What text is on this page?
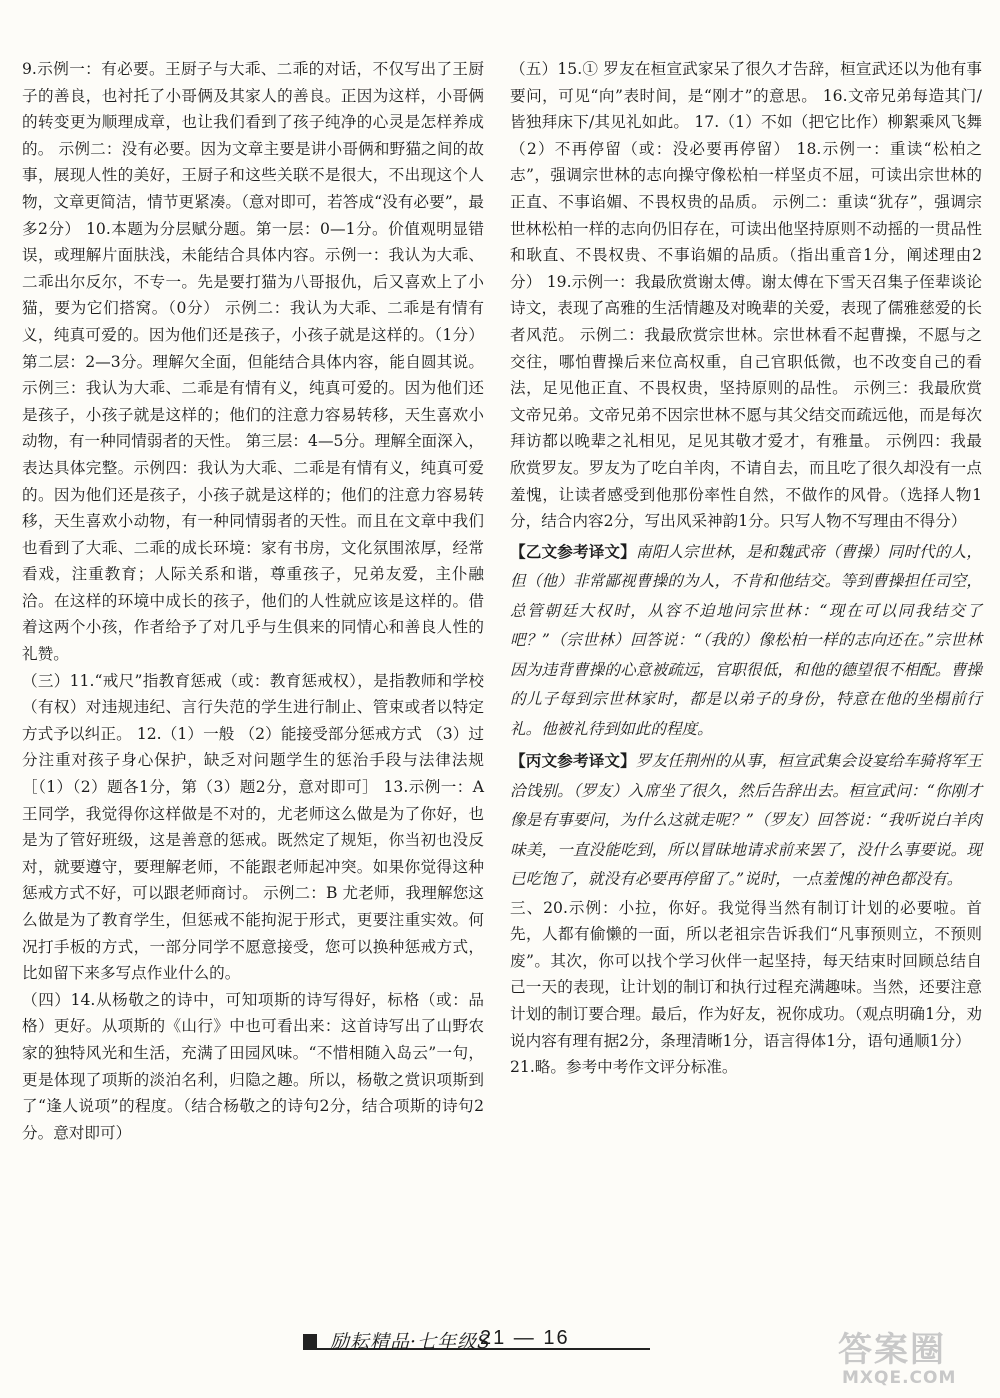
9.示例一：有必要。王厨子与大乖、二乖的对话，不仅写出了王厨子的善良，也衬托了小哥俩及其家人的善良。正因为这样，小哥俩的转变更为顺理成章，也让我们看到了孩子纯净的心灵是怎样养成的。 示例二：没有必要。因为文章主要是讲小哥俩和野猫之间的故事，展现人性的美好，王厨子和这些关联不是很大，不出现这个人物，文章更简洁，情节更紧凑。（意对即可，若答成“没有必要”，最多2分） 10.本题为分层赋分题。第一层：0—1分。价值观明显错误，或理解片面肤浅，未能结合具体内容。示例一：我认为大乖、二乖出尔反尔，不专一。先是要打猫为八哥报仇，后又喜欢上了小猫，要为它们搭窝。（0分） 示例二：我认为大乖、二乖是有情有义，纯真可爱的。因为他们还是孩子，小孩子就是这样的。（1分） 第二层：2—3分。理解欠全面，但能结合具体内容，能自圆其说。示例三：我认为大乖、二乖是有情有义，纯真可爱的。因为他们还是孩子，小孩子就是这样的；他们的注意力容易转移，天生喜欢小动物，有一种同情弱者的天性。 第三层：4—5分。理解全面深入，表达具体完整。示例四：我认为大乖、二乖是有情有义，纯真可爱的。因为他们还是孩子，小孩子就是这样的；他们的注意力容易转移，天生喜欢小动物，有一种同情弱者的天性。而且在文章中我们也看到了大乖、二乖的成长环境：家有书房，文化氛围浓厚，经常看戏，注重教育；人际关系和谐，尊重孩子，兄弟友爱，主仆融洽。在这样的环境中成长的孩子，他们的人性就应该是这样的。借着这两个小孩，作者给予了对几乎与生俱来的同情心和善良人性的礼赞。

（三）11.“戒尺”指教育惩戒（或：教育惩戒权），是指教师和学校（有权）对违规违纪、言行失范的学生进行制止、管束或者以特定方式予以纠正。 12.（1）一般 （2）能接受部分惩戒方式 （3）过分注重对孩子身心保护，缺乏对问题学生的惩治手段与法律法规［（1）（2）题各1分，第（3）题2分，意对即可］ 13.示例一：A 王同学，我觉得你这样做是不对的，尤老师这么做是为了你好，也是为了管好班级，这是善意的惩戒。既然定了规矩，你当初也没反对，就要遵守，要理解老师，不能跟老师起冲突。如果你觉得这种惩戒方式不好，可以跟老师商讨。 示例二：B 尤老师，我理解您这么做是为了教育学生，但惩戒不能拘泥于形式，更要注重实效。何况打手板的方式，一部分同学不愿意接受，您可以换种惩戒方式，比如留下来多写点作业什么的。

（四）14.从杨敬之的诗中，可知项斯的诗写得好，标格（或：品格）更好。从项斯的《山行》中也可看出来：这首诗写出了山野农家的独特风光和生活，充满了田园风味。“不惜相随入岛云”一句，更是体现了项斯的淡泊名利，归隐之趣。所以，杨敬之赏识项斯到了“逢人说项”的程度。（结合杨敬之的诗句2分，结合项斯的诗句2分。意对即可）

（五）15.① 罗友在桓宣武家呆了很久才告辞，桓宣武还以为他有事要问，可见“向”表时间，是“刚才”的意思。 16.文帝兄弟每造其门/皆独拜床下/其见礼如此。 17.（1）不如（把它比作）柳絮乘风飞舞 （2）不再停留（或：没必要再停留） 18.示例一：重读“松柏之志”，强调宗世林的志向操守像松柏一样坚贞不屈，可读出宗世林的正直、不事谄媚、不畏权贵的品质。 示例二：重读“犹存”，强调宗世林松柏一样的志向仍旧存在，可读出他坚持原则不动摇的一贯品性和耿直、不畏权贵、不事谄媚的品质。（指出重音1分，阐述理由2分） 19.示例一：我最欣赏谢太傅。谢太傅在下雪天召集子侄辈谈论诗文，表现了高雅的生活情趣及对晚辈的关爱，表现了儒雅慈爱的长者风范。 示例二：我最欣赏宗世林。宗世林看不起曹操，不愿与之交往，哪怕曹操后来位高权重，自己官职低微，也不改变自己的看法，足见他正直、不畏权贵，坚持原则的品性。 示例三：我最欣赏文帝兄弟。文帝兄弟不因宗世林不愿与其父结交而疏远他，而是每次拜访都以晚辈之礼相见，足见其敬才爱才，有雅量。 示例四：我最欣赏罗友。罗友为了吃白羊肉，不请自去，而且吃了很久却没有一点羞愧，让读者感受到他那份率性自然，不做作的风骨。（选择人物1分，结合内容2分，写出风采神韵1分。只写人物不写理由不得分）

【乙文参考译文】南阳人宗世林，是和魏武帝（曹操）同时代的人，但（他）非常鄙视曹操的为人，不肯和他结交。等到曹操担任司空，总管朝廷大权时，从容不迫地问宗世林：“现在可以同我结交了吧？”（宗世林）回答说：“（我的）像松柏一样的志向还在。”宗世林因为违背曹操的心意被疏远，官职很低，和他的德望很不相配。曹操的儿子每到宗世林家时，都是以弟子的身份，特意在他的坐榻前行礼。他被礼待到如此的程度。

【丙文参考译文】罗友任荆州的从事，桓宣武集会设宴给车骑将军王洽饯别。（罗友）入席坐了很久，然后告辞出去。桓宣武问：“你刚才像是有事要问，为什么这就走呢？”（罗友）回答说：“我听说白羊肉味美，一直没能吃到，所以冒昧地请求前来罢了，没什么事要说。现已吃饱了，就没有必要再停留了。”说时，一点羞愧的神色都没有。

三、20.示例：小拉，你好。我觉得当然有制订计划的必要啦。首先，人都有偷懒的一面，所以老祖宗告诉我们“凡事预则立，不预则废”。其次，你可以找个学习伙伴一起坚持，每天结束时回顾总结自己一天的表现，让计划的制订和执行过程充满趣味。当然，还要注意计划的制订要合理。最后，作为好友，祝你成功。（观点明确1分，劝说内容有理有据2分，条理清晰1分，语言得体1分，语句通顺1分）

21.略。参考中考作文评分标准。

励耘精品·七年级S
21 — 16	答案圈
MXQE.COM
